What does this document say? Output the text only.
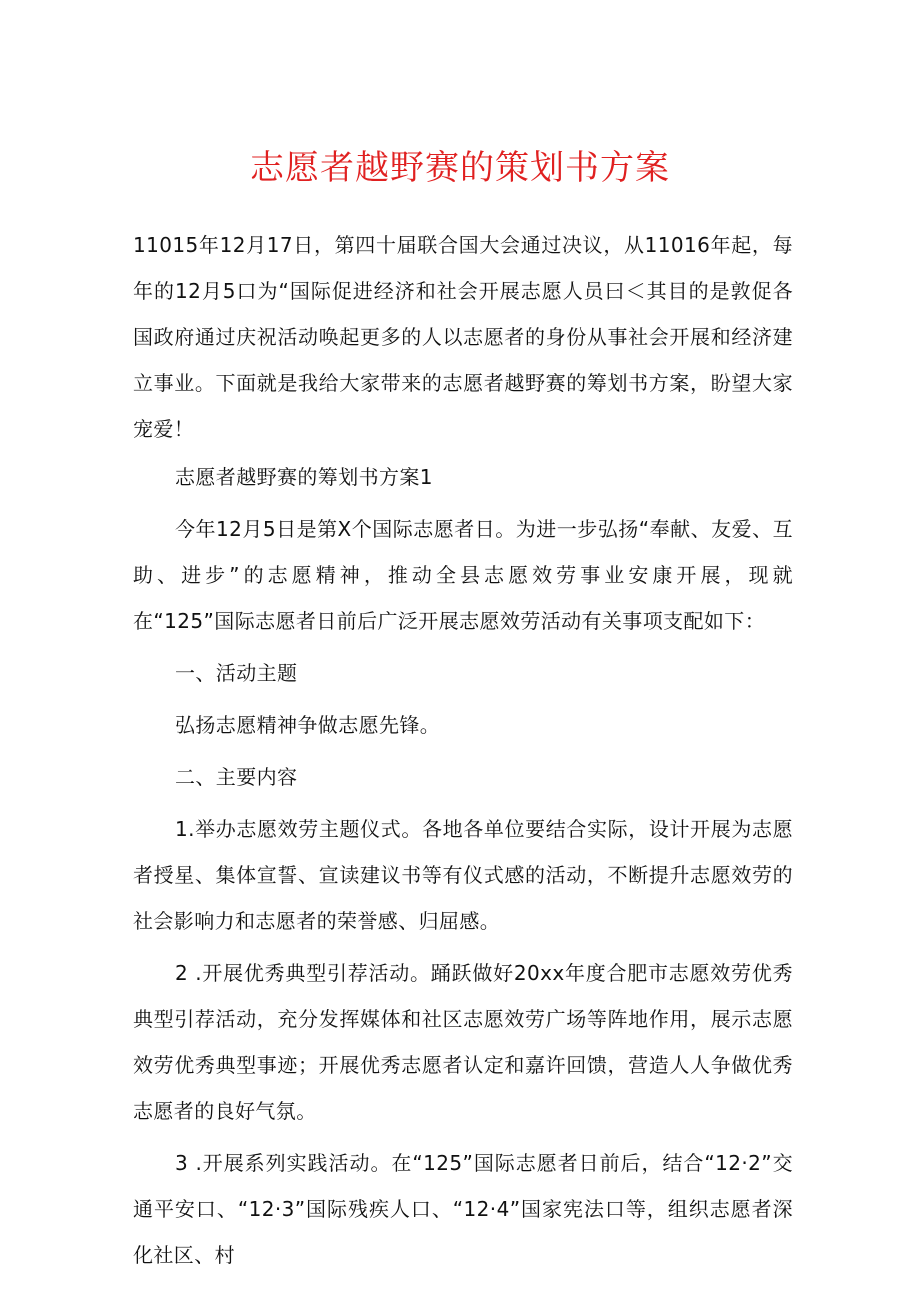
志愿者越野赛的策划书方案

11015年12月17日，第四十届联合国大会通过决议，从11016年起，每年的12月5口为“国际促进经济和社会开展志愿人员曰＜其目的是敦促各国政府通过庆祝活动唤起更多的人以志愿者的身份从事社会开展和经济建立事业。下面就是我给大家带来的志愿者越野赛的筹划书方案，盼望大家宠爱！

志愿者越野赛的筹划书方案1

今年12月5日是第X个国际志愿者日。为进一步弘扬“奉献、友爱、互助、进步”的志愿精神，推动全县志愿效劳事业安康开展，现就在“125”国际志愿者日前后广泛开展志愿效劳活动有关事项支配如下：

一、活动主题

弘扬志愿精神争做志愿先锋。

二、主要内容

1.举办志愿效劳主题仪式。各地各单位要结合实际，设计开展为志愿者授星、集体宣誓、宣读建议书等有仪式感的活动，不断提升志愿效劳的社会影响力和志愿者的荣誉感、归屈感。

2 .开展优秀典型引荐活动。踊跃做好20xx年度合肥市志愿效劳优秀典型引荐活动，充分发挥媒体和社区志愿效劳广场等阵地作用，展示志愿效劳优秀典型事迹；开展优秀志愿者认定和嘉许回馈，营造人人争做优秀志愿者的良好气氛。

3 .开展系列实践活动。在“125”国际志愿者日前后，结合“12·2”交通平安口、“12·3”国际残疾人口、“12·4”国家宪法口等，组织志愿者深化社区、村
